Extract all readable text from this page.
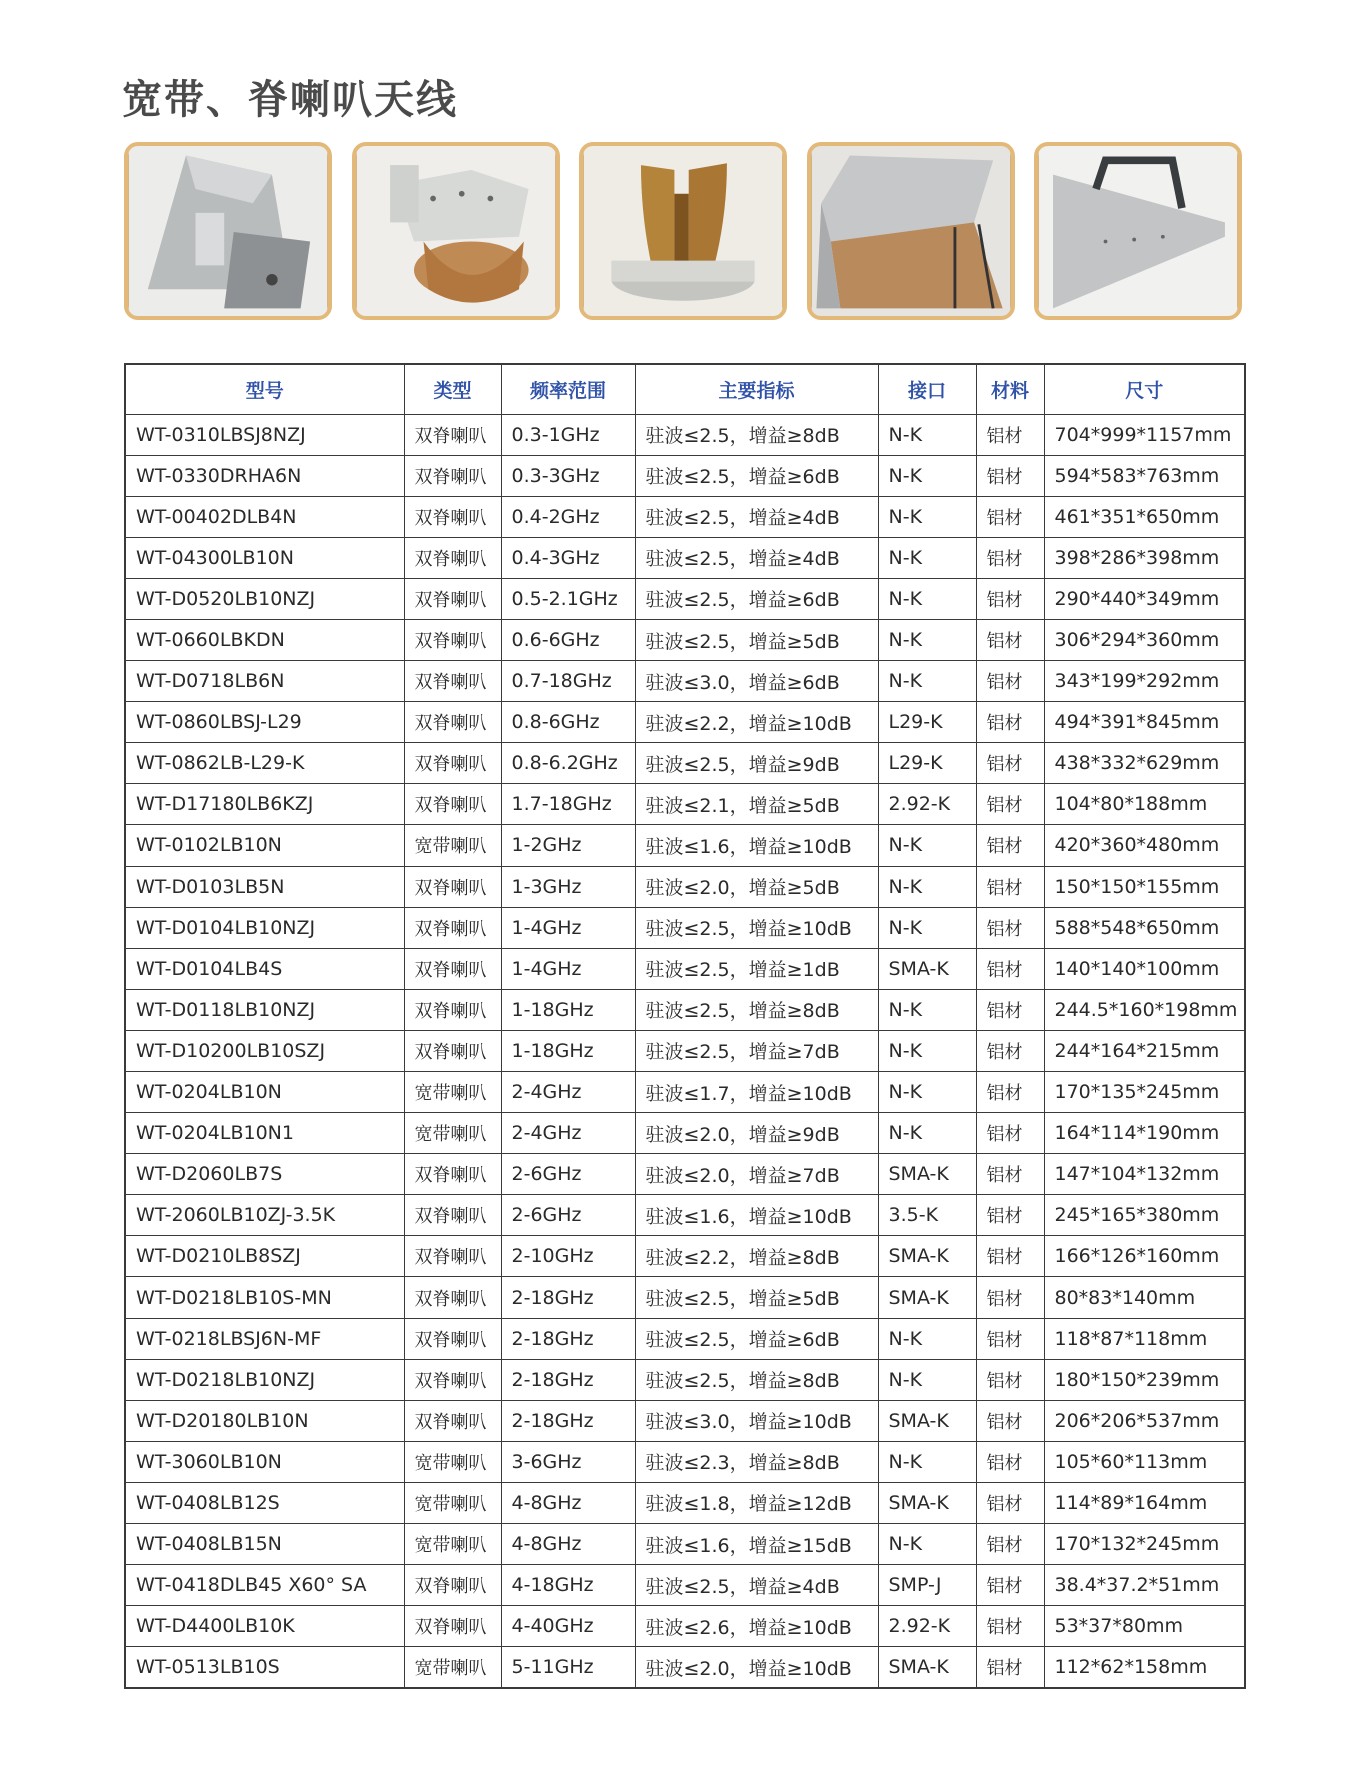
宽带、脊喇叭天线
型号	类型	频率范围	主要指标	接口	材料	尺寸
WT-0310LBSJ8NZJ	双脊喇叭	0.3-1GHz	驻波≤2.5，增益≥8dB	N-K	铝材	704*999*1157mm
WT-0330DRHA6N	双脊喇叭	0.3-3GHz	驻波≤2.5，增益≥6dB	N-K	铝材	594*583*763mm
WT-00402DLB4N	双脊喇叭	0.4-2GHz	驻波≤2.5，增益≥4dB	N-K	铝材	461*351*650mm
WT-04300LB10N	双脊喇叭	0.4-3GHz	驻波≤2.5，增益≥4dB	N-K	铝材	398*286*398mm
WT-D0520LB10NZJ	双脊喇叭	0.5-2.1GHz	驻波≤2.5，增益≥6dB	N-K	铝材	290*440*349mm
WT-0660LBKDN	双脊喇叭	0.6-6GHz	驻波≤2.5，增益≥5dB	N-K	铝材	306*294*360mm
WT-D0718LB6N	双脊喇叭	0.7-18GHz	驻波≤3.0，增益≥6dB	N-K	铝材	343*199*292mm
WT-0860LBSJ-L29	双脊喇叭	0.8-6GHz	驻波≤2.2，增益≥10dB	L29-K	铝材	494*391*845mm
WT-0862LB-L29-K	双脊喇叭	0.8-6.2GHz	驻波≤2.5，增益≥9dB	L29-K	铝材	438*332*629mm
WT-D17180LB6KZJ	双脊喇叭	1.7-18GHz	驻波≤2.1，增益≥5dB	2.92-K	铝材	104*80*188mm
WT-0102LB10N	宽带喇叭	1-2GHz	驻波≤1.6，增益≥10dB	N-K	铝材	420*360*480mm
WT-D0103LB5N	双脊喇叭	1-3GHz	驻波≤2.0，增益≥5dB	N-K	铝材	150*150*155mm
WT-D0104LB10NZJ	双脊喇叭	1-4GHz	驻波≤2.5，增益≥10dB	N-K	铝材	588*548*650mm
WT-D0104LB4S	双脊喇叭	1-4GHz	驻波≤2.5，增益≥1dB	SMA-K	铝材	140*140*100mm
WT-D0118LB10NZJ	双脊喇叭	1-18GHz	驻波≤2.5，增益≥8dB	N-K	铝材	244.5*160*198mm
WT-D10200LB10SZJ	双脊喇叭	1-18GHz	驻波≤2.5，增益≥7dB	N-K	铝材	244*164*215mm
WT-0204LB10N	宽带喇叭	2-4GHz	驻波≤1.7，增益≥10dB	N-K	铝材	170*135*245mm
WT-0204LB10N1	宽带喇叭	2-4GHz	驻波≤2.0，增益≥9dB	N-K	铝材	164*114*190mm
WT-D2060LB7S	双脊喇叭	2-6GHz	驻波≤2.0，增益≥7dB	SMA-K	铝材	147*104*132mm
WT-2060LB10ZJ-3.5K	双脊喇叭	2-6GHz	驻波≤1.6，增益≥10dB	3.5-K	铝材	245*165*380mm
WT-D0210LB8SZJ	双脊喇叭	2-10GHz	驻波≤2.2，增益≥8dB	SMA-K	铝材	166*126*160mm
WT-D0218LB10S-MN	双脊喇叭	2-18GHz	驻波≤2.5，增益≥5dB	SMA-K	铝材	80*83*140mm
WT-0218LBSJ6N-MF	双脊喇叭	2-18GHz	驻波≤2.5，增益≥6dB	N-K	铝材	118*87*118mm
WT-D0218LB10NZJ	双脊喇叭	2-18GHz	驻波≤2.5，增益≥8dB	N-K	铝材	180*150*239mm
WT-D20180LB10N	双脊喇叭	2-18GHz	驻波≤3.0，增益≥10dB	SMA-K	铝材	206*206*537mm
WT-3060LB10N	宽带喇叭	3-6GHz	驻波≤2.3，增益≥8dB	N-K	铝材	105*60*113mm
WT-0408LB12S	宽带喇叭	4-8GHz	驻波≤1.8，增益≥12dB	SMA-K	铝材	114*89*164mm
WT-0408LB15N	宽带喇叭	4-8GHz	驻波≤1.6，增益≥15dB	N-K	铝材	170*132*245mm
WT-0418DLB45 X60° SA	双脊喇叭	4-18GHz	驻波≤2.5，增益≥4dB	SMP-J	铝材	38.4*37.2*51mm
WT-D4400LB10K	双脊喇叭	4-40GHz	驻波≤2.6，增益≥10dB	2.92-K	铝材	53*37*80mm
WT-0513LB10S	宽带喇叭	5-11GHz	驻波≤2.0，增益≥10dB	SMA-K	铝材	112*62*158mm
